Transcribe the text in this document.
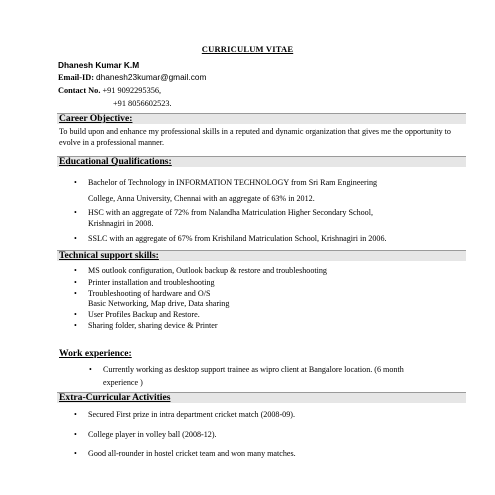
CURRICULUM VITAE
Dhanesh Kumar K.M
Email-ID: dhanesh23kumar@gmail.com
Contact No. +91 9092295356,
+91 8056602523.
Career Objective:
To build upon and enhance my professional skills in a reputed and dynamic organization that gives me the opportunity to evolve in a professional manner.
Educational Qualifications:
• Bachelor of Technology in INFORMATION TECHNOLOGY from Sri Ram Engineering
College, Anna University, Chennai with an aggregate of 63% in 2012.
• HSC with an aggregate of 72% from Nalandha Matriculation Higher Secondary School,
Krishnagiri in 2008.
• SSLC with an aggregate of 67% from Krishiland Matriculation School, Krishnagiri in 2006.
Technical support skills:
• MS outlook configuration, Outlook backup & restore and troubleshooting
• Printer installation and troubleshooting
• Troubleshooting of hardware and O/S
Basic Networking, Map drive, Data sharing
• User Profiles Backup and Restore.
• Sharing folder, sharing device & Printer
Work experience:
• Currently working as desktop support trainee as wipro client at Bangalore location. (6 month
experience )
Extra-Curricular Activities
• Secured First prize in intra department cricket match (2008-09).
• College player in volley ball (2008-12).
• Good all-rounder in hostel cricket team and won many matches.
